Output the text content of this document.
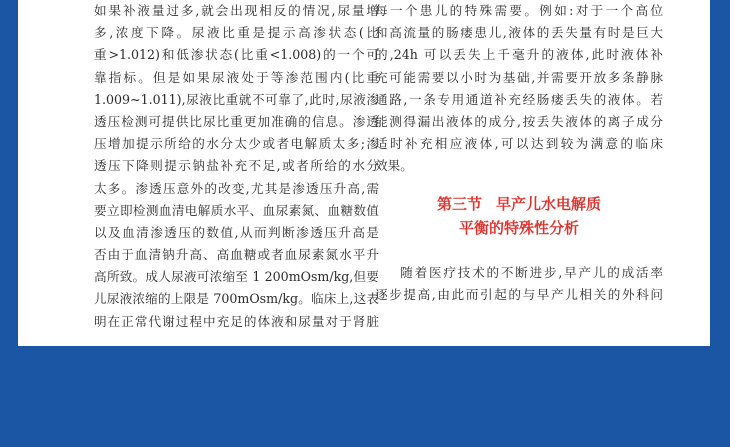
如果补液量过多,就会出现相反的情况,尿量增
多,浓度下降。尿液比重是提示高渗状态(比
重>1.012)和低渗状态(比重<1.008)的一个可
靠指标。但是如果尿液处于等渗范围内(比重
1.009~1.011),尿液比重就不可靠了,此时,尿液渗
透压检测可提供比尿比重更加准确的信息。渗透
压增加提示所给的水分太少或者电解质太多;渗
透压下降则提示钠盐补充不足,或者所给的水分
太多。渗透压意外的改变,尤其是渗透压升高,需
要立即检测血清电解质水平、血尿素氮、血糖数值
以及血清渗透压的数值,从而判断渗透压升高是
否由于血清钠升高、高血糖或者血尿素氮水平升
高所致。成人尿液可浓缩至 1 200mOsm/kg,但要
儿尿液浓缩的上限是 700mOsm/kg。临床上,这表
明在正常代谢过程中充足的体液和尿量对于肾脏
每一个患儿的特殊需要。例如:对于一个高位
和高流量的肠瘘患儿,液体的丢失量有时是巨大
的,24h 可以丢失上千毫升的液体,此时液体补
充可能需要以小时为基础,并需要开放多条静脉
通路,一条专用通道补充经肠瘘丢失的液体。若
能测得漏出液体的成分,按丢失液体的离子成分
适时补充相应液体,可以达到较为满意的临床
效果。
第三节 早产儿水电解质
平衡的特殊性分析
随着医疗技术的不断进步,早产儿的成活率
逐步提高,由此而引起的与早产儿相关的外科问
